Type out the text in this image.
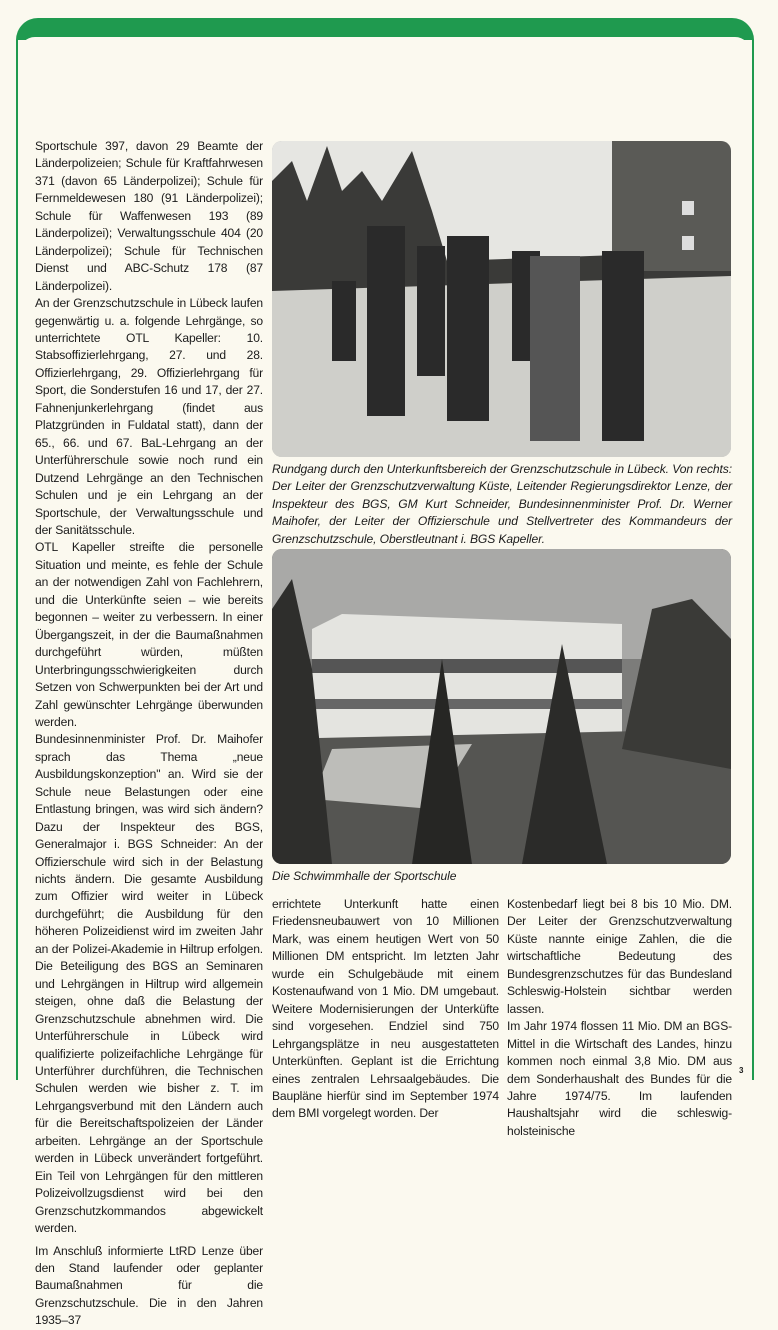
Sportschule 397, davon 29 Beamte der Länderpolizeien; Schule für Kraftfahrwesen 371 (davon 65 Länderpolizei); Schule für Fernmeldewesen 180 (91 Länderpolizei); Schule für Waffenwesen 193 (89 Länderpolizei); Verwaltungsschule 404 (20 Länderpolizei); Schule für Technischen Dienst und ABC-Schutz 178 (87 Länderpolizei).

An der Grenzschutzschule in Lübeck laufen gegenwärtig u. a. folgende Lehrgänge, so unterrichtete OTL Kapeller: 10. Stabsoffizierlehrgang, 27. und 28. Offizierlehrgang, 29. Offizierlehrgang für Sport, die Sonderstufen 16 und 17, der 27. Fahnenjunkerlehrgang (findet aus Platzgründen in Fuldatal statt), dann der 65., 66. und 67. BaL-Lehrgang an der Unterführerschule sowie noch rund ein Dutzend Lehrgänge an den Technischen Schulen und je ein Lehrgang an der Sportschule, der Verwaltungsschule und der Sanitätsschule.

OTL Kapeller streifte die personelle Situation und meinte, es fehle der Schule an der notwendigen Zahl von Fachlehrern, und die Unterkünfte seien – wie bereits begonnen – weiter zu verbessern. In einer Übergangszeit, in der die Baumaßnahmen durchgeführt würden, müßten Unterbringungsschwierigkeiten durch Setzen von Schwerpunkten bei der Art und Zahl gewünschter Lehrgänge überwunden werden.

Bundesinnenminister Prof. Dr. Maihofer sprach das Thema „neue Ausbildungskonzeption" an. Wird sie der Schule neue Belastungen oder eine Entlastung bringen, was wird sich ändern? Dazu der Inspekteur des BGS, Generalmajor i. BGS Schneider: An der Offizierschule wird sich in der Belastung nichts ändern. Die gesamte Ausbildung zum Offizier wird weiter in Lübeck durchgeführt; die Ausbildung für den höheren Polizeidienst wird im zweiten Jahr an der Polizei-Akademie in Hiltrup erfolgen. Die Beteiligung des BGS an Seminaren und Lehrgängen in Hiltrup wird allgemein steigen, ohne daß die Belastung der Grenzschutzschule abnehmen wird. Die Unterführerschule in Lübeck wird qualifizierte polizeifachliche Lehrgänge für Unterführer durchführen, die Technischen Schulen werden wie bisher z. T. im Lehrgangsverbund mit den Ländern auch für die Bereitschaftspolizeien der Länder arbeiten. Lehrgänge an der Sportschule werden in Lübeck unverändert fortgeführt. Ein Teil von Lehrgängen für den mittleren Polizeivollzugsdienst wird bei den Grenzschutzkommandos abgewickelt werden.

Im Anschluß informierte LtRD Lenze über den Stand laufender oder geplanter Baumaßnahmen für die Grenzschutzschule. Die in den Jahren 1935–37

Rundgang durch den Unterkunftsbereich der Grenzschutzschule in Lübeck. Von rechts: Der Leiter der Grenzschutzverwaltung Küste, Leitender Regierungsdirektor Lenze, der Inspekteur des BGS, GM Kurt Schneider, Bundesinnenminister Prof. Dr. Werner Maihofer, der Leiter der Offizierschule und Stellvertreter des Kommandeurs der Grenzschutzschule, Oberstleutnant i. BGS Kapeller.
Die Schwimmhalle der Sportschule

errichtete Unterkunft hatte einen Friedensneubauwert von 10 Millionen Mark, was einem heutigen Wert von 50 Millionen DM entspricht. Im letzten Jahr wurde ein Schulgebäude mit einem Kostenaufwand von 1 Mio. DM umgebaut. Weitere Modernisierungen der Unterküfte sind vorgesehen. Endziel sind 750 Lehrgangsplätze in neu ausgestatteten Unterkünften. Geplant ist die Errichtung eines zentralen Lehrsaalgebäudes. Die Baupläne hierfür sind im September 1974 dem BMI vorgelegt worden. Der

Kostenbedarf liegt bei 8 bis 10 Mio. DM. Der Leiter der Grenzschutzverwaltung Küste nannte einige Zahlen, die die wirtschaftliche Bedeutung des Bundesgrenzschutzes für das Bundesland Schleswig-Holstein sichtbar werden lassen.

Im Jahr 1974 flossen 11 Mio. DM an BGS-Mittel in die Wirtschaft des Landes, hinzu kommen noch einmal 3,8 Mio. DM aus dem Sonderhaushalt des Bundes für die Jahre 1974/75. Im laufenden Haushaltsjahr wird die schleswig-holsteinische

3
